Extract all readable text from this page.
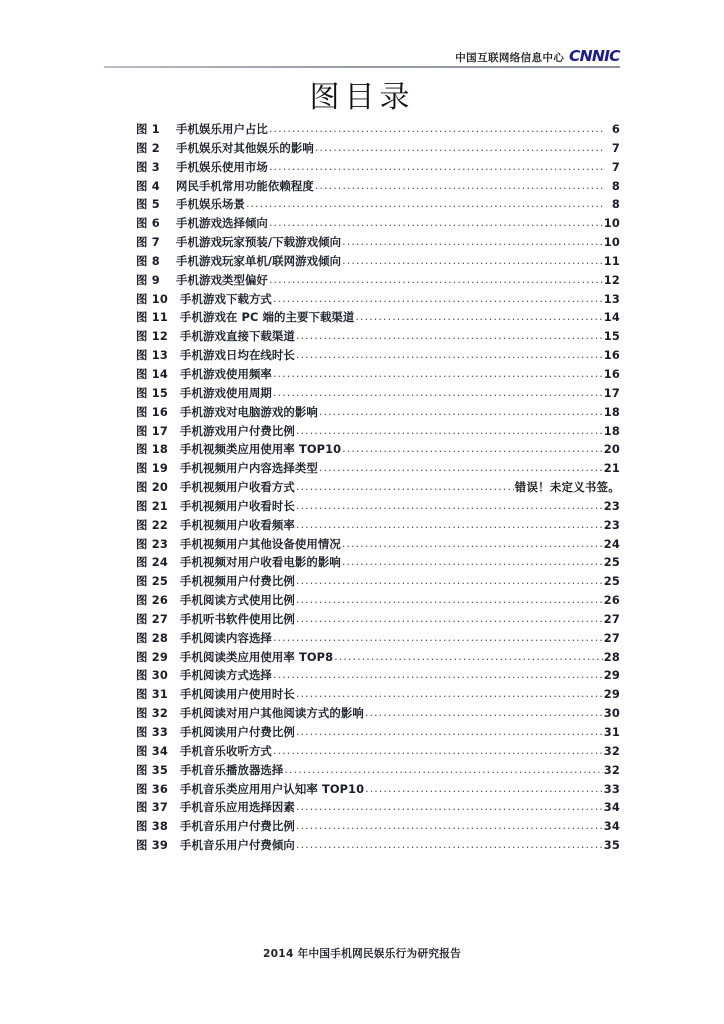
中国互联网络信息中心 CNNIC
图目录
图 1	手机娱乐用户占比 .....	6
图 2	手机娱乐对其他娱乐的影响 .....	7
图 3	手机娱乐使用市场 .....	7
图 4	网民手机常用功能依赖程度 .....	8
图 5	手机娱乐场景 .....	8
图 6	手机游戏选择倾向 .....	10
图 7	手机游戏玩家预装/下载游戏倾向 .....	10
图 8	手机游戏玩家单机/联网游戏倾向 .....	11
图 9	手机游戏类型偏好 .....	12
图 10	手机游戏下载方式 .....	13
图 11	手机游戏在 PC 端的主要下载渠道 .....	14
图 12	手机游戏直接下载渠道 .....	15
图 13	手机游戏日均在线时长 .....	16
图 14	手机游戏使用频率 .....	16
图 15	手机游戏使用周期 .....	17
图 16	手机游戏对电脑游戏的影响 .....	18
图 17	手机游戏用户付费比例 .....	18
图 18	手机视频类应用使用率 TOP10 .....	20
图 19	手机视频用户内容选择类型 .....	21
图 20	手机视频用户收看方式 .....	错误！未定义书签。
图 21	手机视频用户收看时长 .....	23
图 22	手机视频用户收看频率 .....	23
图 23	手机视频用户其他设备使用情况 .....	24
图 24	手机视频对用户收看电影的影响 .....	25
图 25	手机视频用户付费比例 .....	25
图 26	手机阅读方式使用比例 .....	26
图 27	手机听书软件使用比例 .....	27
图 28	手机阅读内容选择 .....	27
图 29	手机阅读类应用使用率 TOP8 .....	28
图 30	手机阅读方式选择 .....	29
图 31	手机阅读用户使用时长 .....	29
图 32	手机阅读对用户其他阅读方式的影响 .....	30
图 33	手机阅读用户付费比例 .....	31
图 34	手机音乐收听方式 .....	32
图 35	手机音乐播放器选择 .....	32
图 36	手机音乐类应用用户认知率 TOP10 .....	33
图 37	手机音乐应用选择因素 .....	34
图 38	手机音乐用户付费比例 .....	34
图 39	手机音乐用户付费倾向 .....	35
2014 年中国手机网民娱乐行为研究报告
